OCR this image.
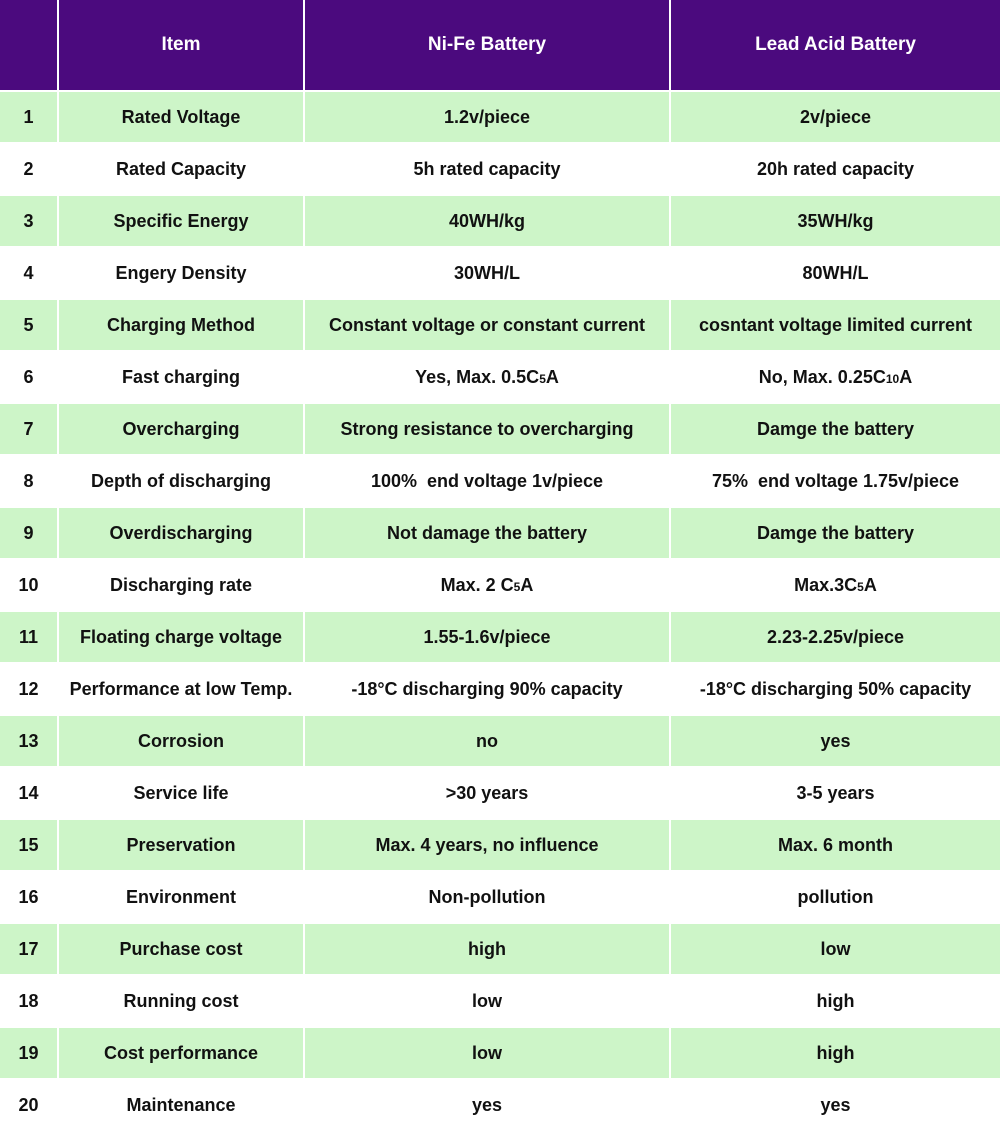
	Item	Ni-Fe Battery	Lead Acid Battery
1	Rated Voltage	1.2v/piece	2v/piece
2	Rated Capacity	5h rated capacity	20h rated capacity
3	Specific Energy	40WH/kg	35WH/kg
4	Engery Density	30WH/L	80WH/L
5	Charging Method	Constant voltage or constant current	cosntant voltage limited current
6	Fast charging	Yes, Max. 0.5C5A	No, Max. 0.25C10A
7	Overcharging	Strong resistance to overcharging	Damge the battery
8	Depth of discharging	100%  end voltage 1v/piece	75%  end voltage 1.75v/piece
9	Overdischarging	Not damage the battery	Damge the battery
10	Discharging rate	Max. 2 C5A	Max.3C5A
11	Floating charge voltage	1.55-1.6v/piece	2.23-2.25v/piece
12	Performance at low Temp.	-18°C discharging 90% capacity	-18°C discharging 50% capacity
13	Corrosion	no	yes
14	Service life	>30 years	3-5 years
15	Preservation	Max. 4 years, no influence	Max. 6 month
16	Environment	Non-pollution	pollution
17	Purchase cost	high	low
18	Running cost	low	high
19	Cost performance	low	high
20	Maintenance	yes	yes
